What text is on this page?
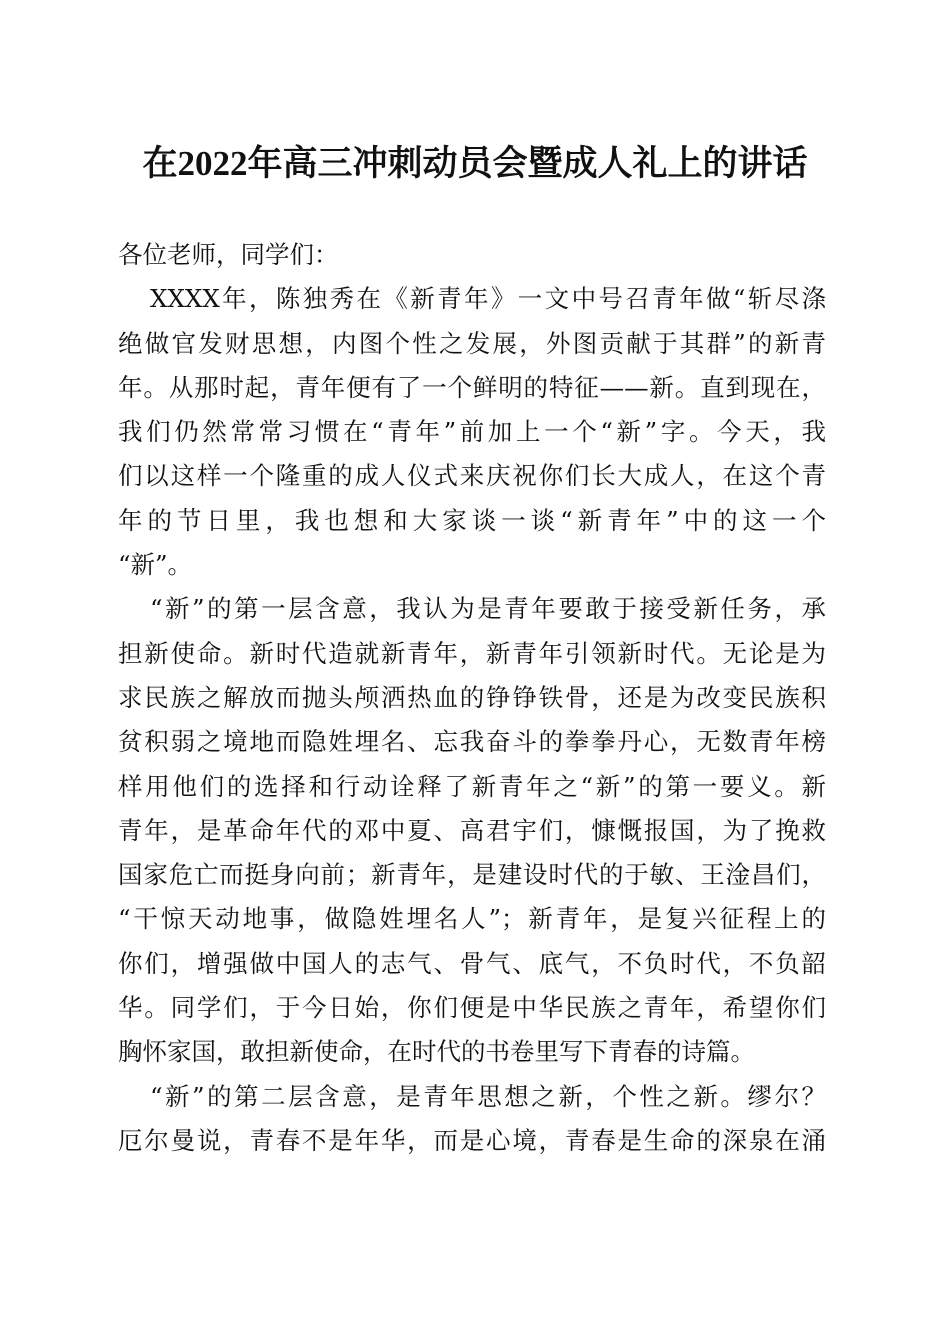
在2022年高三冲刺动员会暨成人礼上的讲话
各位老师，同学们：
XXXX年，陈独秀在《新青年》一文中号召青年做“斩尽涤
绝做官发财思想，内图个性之发展，外图贡献于其群”的新青
年。从那时起，青年便有了一个鲜明的特征——新。直到现在，
我们仍然常常习惯在“青年”前加上一个“新”字。今天，我
们以这样一个隆重的成人仪式来庆祝你们长大成人，在这个青
年的节日里，我也想和大家谈一谈“新青年”中的这一个
“新”。
“新”的第一层含意，我认为是青年要敢于接受新任务，承
担新使命。新时代造就新青年，新青年引领新时代。无论是为
求民族之解放而抛头颅洒热血的铮铮铁骨，还是为改变民族积
贫积弱之境地而隐姓埋名、忘我奋斗的拳拳丹心，无数青年榜
样用他们的选择和行动诠释了新青年之“新”的第一要义。新
青年，是革命年代的邓中夏、高君宇们，慷慨报国，为了挽救
国家危亡而挺身向前；新青年，是建设时代的于敏、王淦昌们，
“干惊天动地事，做隐姓埋名人”；新青年，是复兴征程上的
你们，增强做中国人的志气、骨气、底气，不负时代，不负韶
华。同学们，于今日始，你们便是中华民族之青年，希望你们
胸怀家国，敢担新使命，在时代的书卷里写下青春的诗篇。
“新”的第二层含意，是青年思想之新，个性之新。缪尔？
厄尔曼说，青春不是年华，而是心境，青春是生命的深泉在涌
